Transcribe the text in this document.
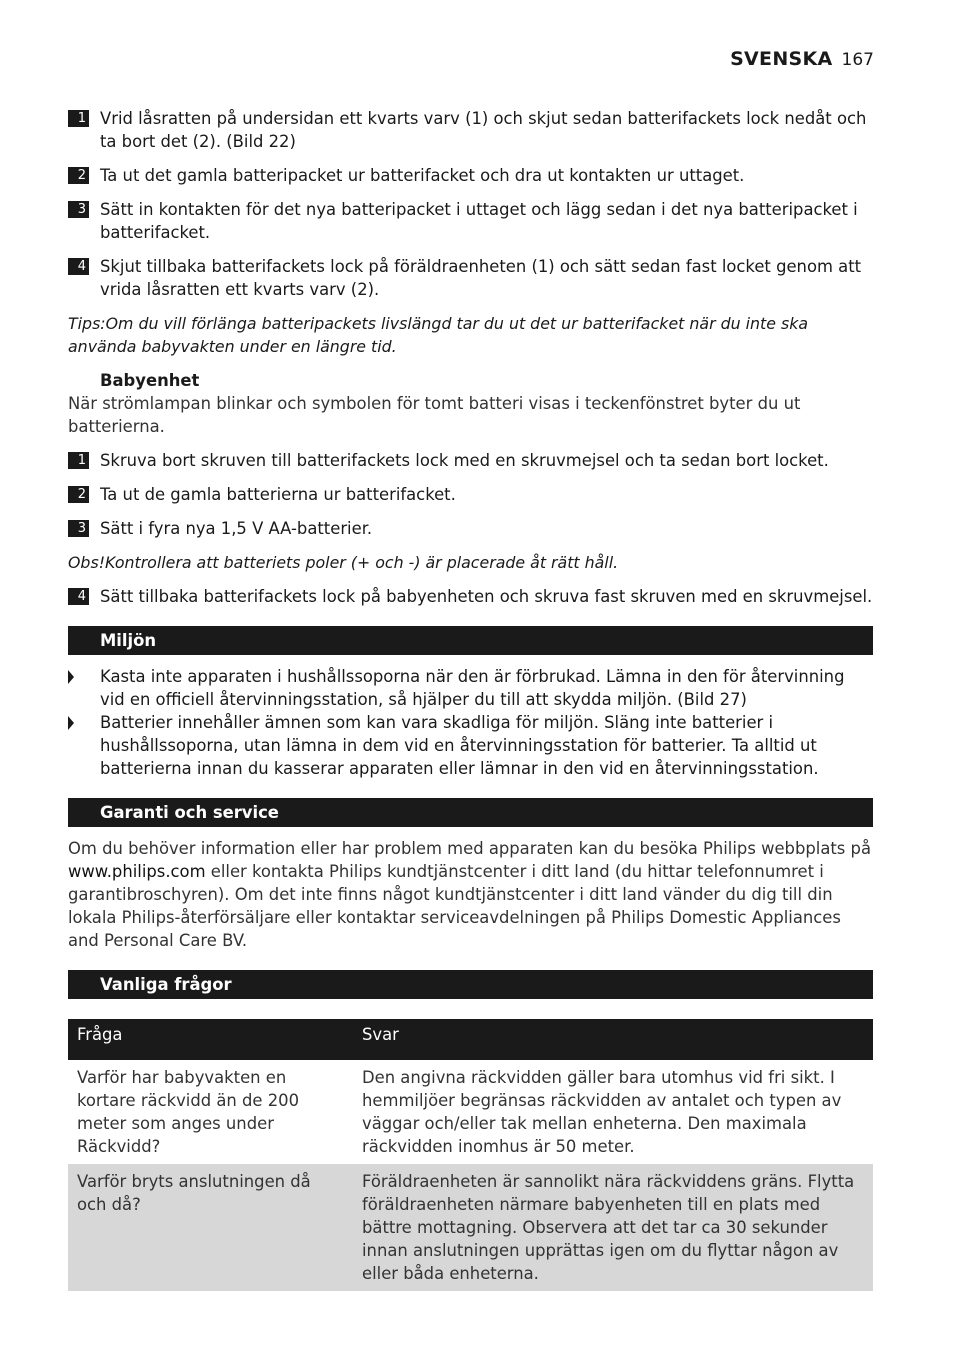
SVENSKA 167
1 Vrid låsratten på undersidan ett kvarts varv (1) och skjut sedan batterifackets lock nedåt och ta bort det (2). (Bild 22)
2 Ta ut det gamla batteripacket ur batterifacket och dra ut kontakten ur uttaget.
3 Sätt in kontakten för det nya batteripacket i uttaget och lägg sedan i det nya batteripacket i batterifacket.
4 Skjut tillbaka batterifackets lock på föräldraenheten (1) och sätt sedan fast locket genom att vrida låsratten ett kvarts varv (2).
Tips:Om du vill förlänga batteripackets livslängd tar du ut det ur batterifacket när du inte ska använda babyvakten under en längre tid.
Babyenhet
När strömlampan blinkar och symbolen för tomt batteri visas i teckenfönstret byter du ut batterierna.
1 Skruva bort skruven till batterifackets lock med en skruvmejsel och ta sedan bort locket.
2 Ta ut de gamla batterierna ur batterifacket.
3 Sätt i fyra nya 1,5 V AA-batterier.
Obs!Kontrollera att batteriets poler (+ och -) är placerade åt rätt håll.
4 Sätt tillbaka batterifackets lock på babyenheten och skruva fast skruven med en skruvmejsel.
Miljön
Kasta inte apparaten i hushållssoporna när den är förbrukad. Lämna in den för återvinning vid en officiell återvinningsstation, så hjälper du till att skydda miljön. (Bild 27)
Batterier innehåller ämnen som kan vara skadliga för miljön. Släng inte batterier i hushållssoporna, utan lämna in dem vid en återvinningsstation för batterier. Ta alltid ut batterierna innan du kasserar apparaten eller lämnar in den vid en återvinningsstation.
Garanti och service
Om du behöver information eller har problem med apparaten kan du besöka Philips webbplats på www.philips.com eller kontakta Philips kundtjänstcenter i ditt land (du hittar telefonnumret i garantibroschyren). Om det inte finns något kundtjänstcenter i ditt land vänder du dig till din lokala Philips-återförsäljare eller kontaktar serviceavdelningen på Philips Domestic Appliances and Personal Care BV.
Vanliga frågor
Fråga	Svar
Varför har babyvakten en kortare räckvidd än de 200 meter som anges under Räckvidd?	Den angivna räckvidden gäller bara utomhus vid fri sikt. I hemmiljöer begränsas räckvidden av antalet och typen av väggar och/eller tak mellan enheterna. Den maximala räckvidden inomhus är 50 meter.
Varför bryts anslutningen då och då?	Föräldraenheten är sannolikt nära räckviddens gräns. Flytta föräldraenheten närmare babyenheten till en plats med bättre mottagning. Observera att det tar ca 30 sekunder innan anslutningen upprättas igen om du flyttar någon av eller båda enheterna.
